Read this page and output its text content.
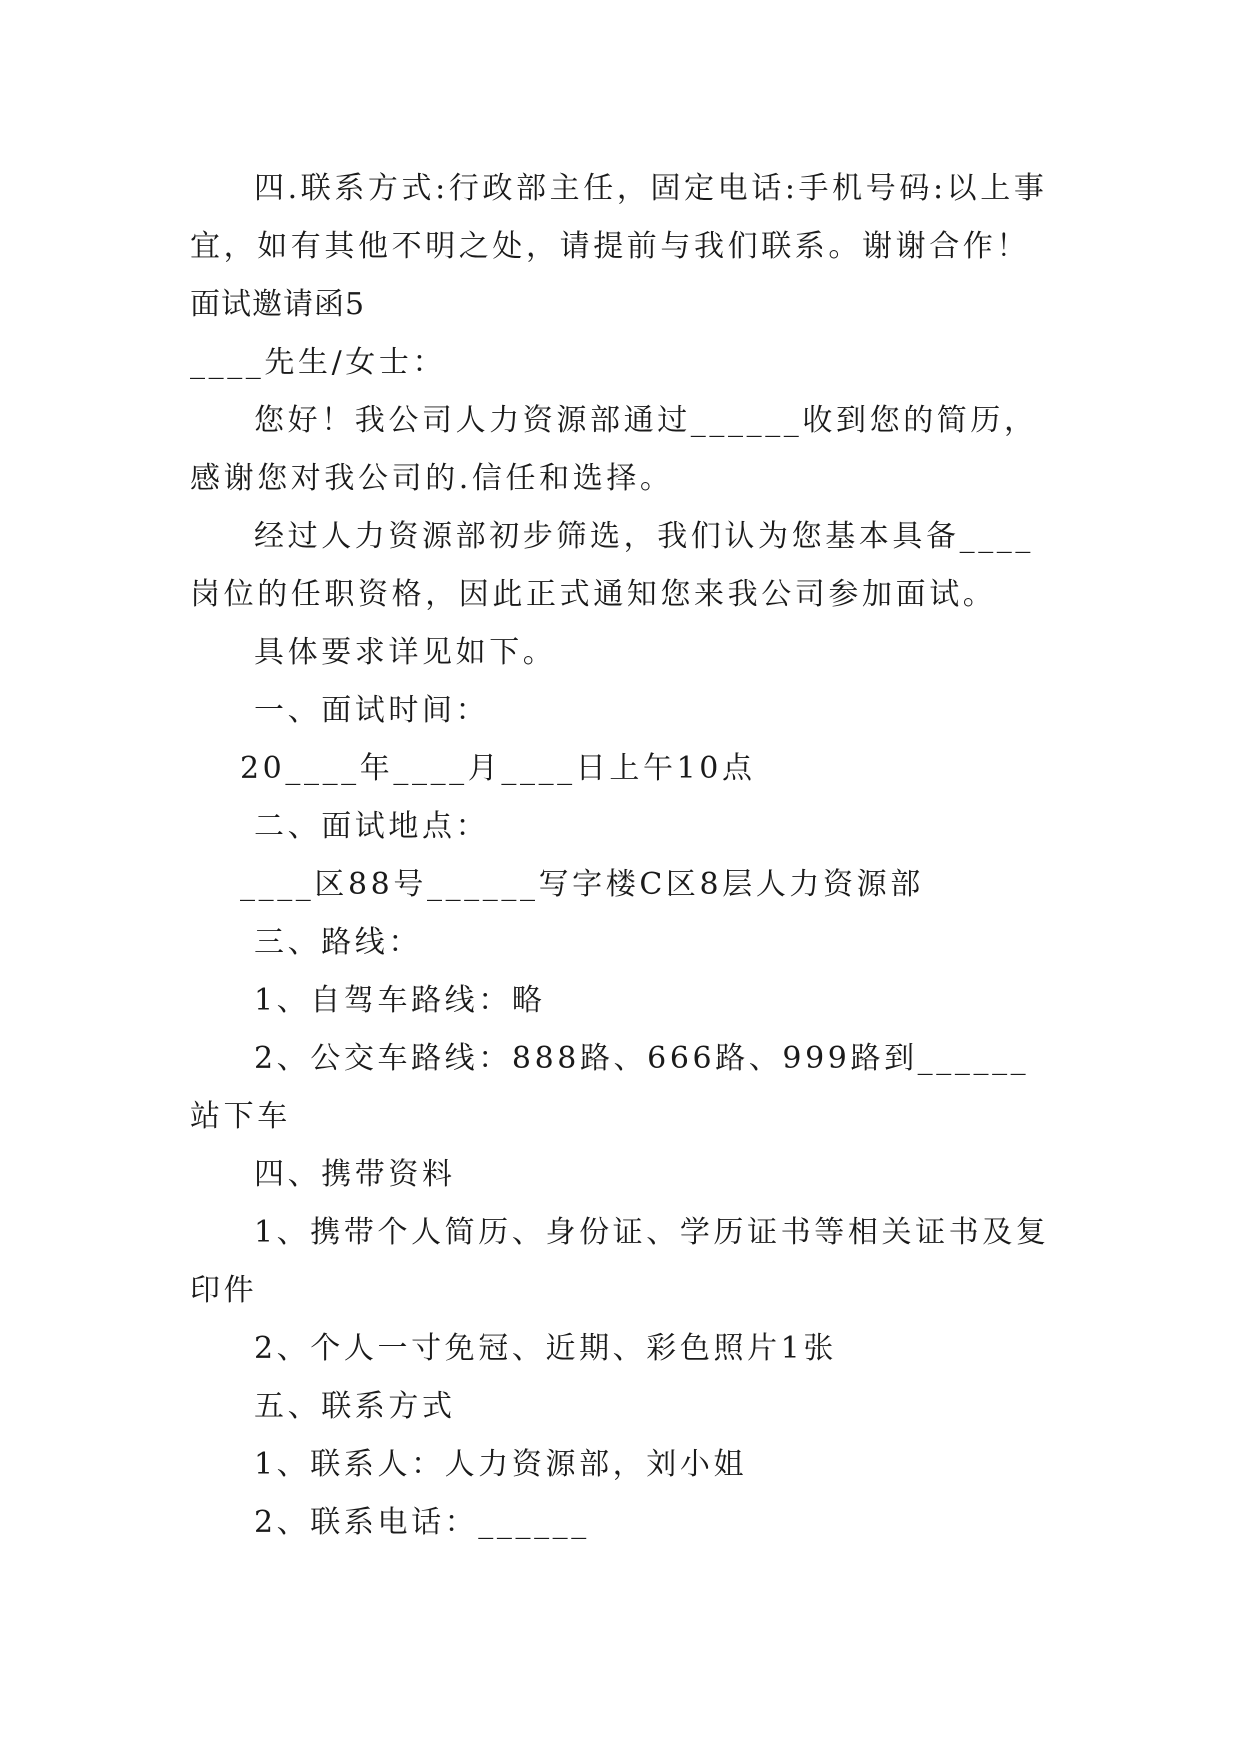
四.联系方式:行政部主任，固定电话:手机号码:以上事宜，如有其他不明之处，请提前与我们联系。谢谢合作！

面试邀请函5

____先生/女士：

您好！我公司人力资源部通过______收到您的简历，感谢您对我公司的.信任和选择。

经过人力资源部初步筛选，我们认为您基本具备____岗位的任职资格，因此正式通知您来我公司参加面试。

具体要求详见如下。

一、面试时间：

20____年____月____日上午10点

二、面试地点：

____区88号______写字楼C区8层人力资源部

三、路线：

1、自驾车路线：略

2、公交车路线：888路、666路、999路到______站下车

四、携带资料

1、携带个人简历、身份证、学历证书等相关证书及复印件

2、个人一寸免冠、近期、彩色照片1张

五、联系方式

1、联系人：人力资源部，刘小姐

2、联系电话：______
